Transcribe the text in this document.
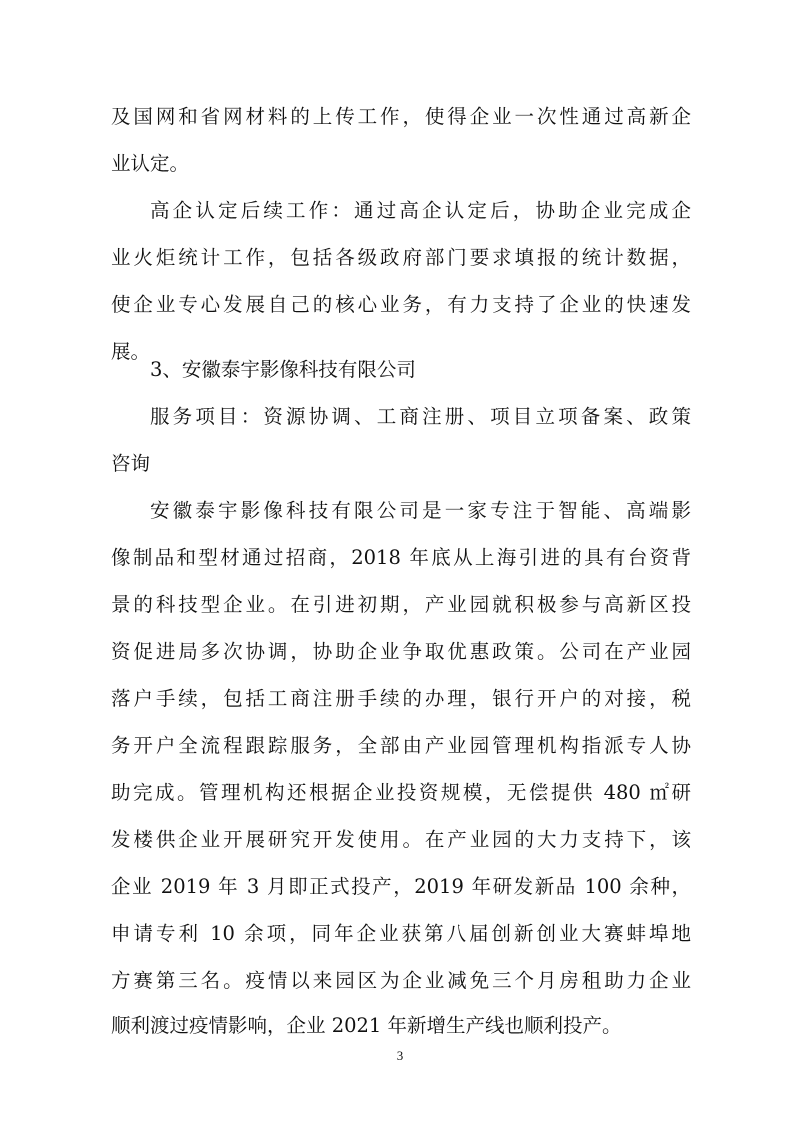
及国网和省网材料的上传工作，使得企业一次性通过高新企
业认定。
高企认定后续工作：通过高企认定后，协助企业完成企
业火炬统计工作，包括各级政府部门要求填报的统计数据，
使企业专心发展自己的核心业务，有力支持了企业的快速发
展。
3、安徽泰宇影像科技有限公司
服务项目：资源协调、工商注册、项目立项备案、政策
咨询
安徽泰宇影像科技有限公司是一家专注于智能、高端影
像制品和型材通过招商，2018 年底从上海引进的具有台资背
景的科技型企业。在引进初期，产业园就积极参与高新区投
资促进局多次协调，协助企业争取优惠政策。公司在产业园
落户手续，包括工商注册手续的办理，银行开户的对接，税
务开户全流程跟踪服务，全部由产业园管理机构指派专人协
助完成。管理机构还根据企业投资规模，无偿提供 480 ㎡研
发楼供企业开展研究开发使用。在产业园的大力支持下，该
企业 2019 年 3 月即正式投产，2019 年研发新品 100 余种，
申请专利 10 余项，同年企业获第八届创新创业大赛蚌埠地
方赛第三名。疫情以来园区为企业减免三个月房租助力企业
顺利渡过疫情影响，企业 2021 年新增生产线也顺利投产。
3
